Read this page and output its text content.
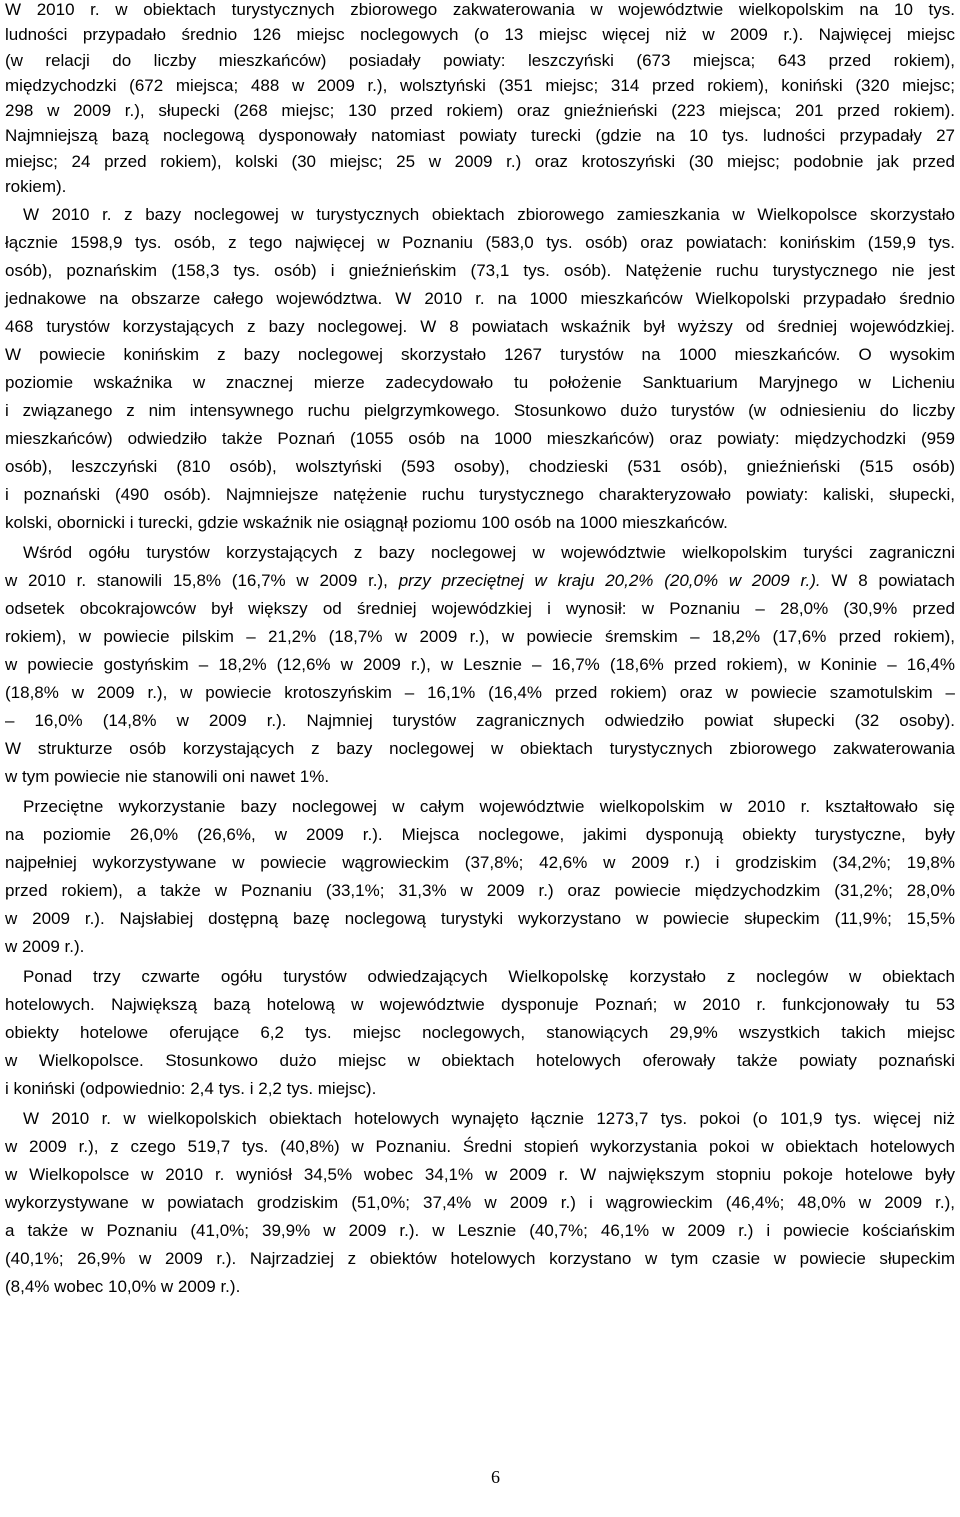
W 2010 r. w obiektach turystycznych zbiorowego zakwaterowania w województwie wielkopolskim na 10 tys.
ludności przypadało średnio 126 miejsc noclegowych (o 13 miejsc więcej niż w 2009 r.). Najwięcej miejsc
(w relacji do liczby mieszkańców) posiadały powiaty: leszczyński (673 miejsca; 643 przed rokiem),
międzychodzki (672 miejsca; 488 w 2009 r.), wolsztyński (351 miejsc; 314 przed rokiem), koniński (320 miejsc;
298 w 2009 r.), słupecki (268 miejsc; 130 przed rokiem) oraz gnieźnieński (223 miejsca; 201 przed rokiem).
Najmniejszą bazą noclegową dysponowały natomiast powiaty turecki (gdzie na 10 tys. ludności przypadały 27
miejsc; 24 przed rokiem), kolski (30 miejsc; 25 w 2009 r.) oraz krotoszyński (30 miejsc; podobnie jak przed
rokiem).
W 2010 r. z bazy noclegowej w turystycznych obiektach zbiorowego zamieszkania w Wielkopolsce skorzystało
łącznie 1598,9 tys. osób, z tego najwięcej w Poznaniu (583,0 tys. osób) oraz powiatach: konińskim (159,9 tys.
osób), poznańskim (158,3 tys. osób) i gnieźnieńskim (73,1 tys. osób). Natężenie ruchu turystycznego nie jest
jednakowe na obszarze całego województwa. W 2010 r. na 1000 mieszkańców Wielkopolski przypadało średnio
468 turystów korzystających z bazy noclegowej. W 8 powiatach wskaźnik był wyższy od średniej wojewódzkiej.
W powiecie konińskim z bazy noclegowej skorzystało 1267 turystów na 1000 mieszkańców. O wysokim
poziomie wskaźnika w znacznej mierze zadecydowało tu położenie Sanktuarium Maryjnego w Licheniu
i związanego z nim intensywnego ruchu pielgrzymkowego. Stosunkowo dużo turystów (w odniesieniu do liczby
mieszkańców) odwiedziło także Poznań (1055 osób na 1000 mieszkańców) oraz powiaty: międzychodzki (959
osób), leszczyński (810 osób), wolsztyński (593 osoby), chodzieski (531 osób), gnieźnieński (515 osób)
i poznański (490 osób). Najmniejsze natężenie ruchu turystycznego charakteryzowało powiaty: kaliski, słupecki,
kolski, obornicki i turecki, gdzie wskaźnik nie osiągnął poziomu 100 osób na 1000 mieszkańców.
Wśród ogółu turystów korzystających z bazy noclegowej w województwie wielkopolskim turyści zagraniczni
w 2010 r. stanowili 15,8% (16,7% w 2009 r.), przy przeciętnej w kraju 20,2% (20,0% w 2009 r.). W 8 powiatach
odsetek obcokrajowców był większy od średniej wojewódzkiej i wynosił: w Poznaniu – 28,0% (30,9% przed
rokiem), w powiecie pilskim – 21,2% (18,7% w 2009 r.), w powiecie śremskim – 18,2% (17,6% przed rokiem),
w powiecie gostyńskim – 18,2% (12,6% w 2009 r.), w Lesznie – 16,7% (18,6% przed rokiem), w Koninie – 16,4%
(18,8% w 2009 r.), w powiecie krotoszyńskim – 16,1% (16,4% przed rokiem) oraz w powiecie szamotulskim –
– 16,0% (14,8% w 2009 r.). Najmniej turystów zagranicznych odwiedziło powiat słupecki (32 osoby).
W strukturze osób korzystających z bazy noclegowej w obiektach turystycznych zbiorowego zakwaterowania
w tym powiecie nie stanowili oni nawet 1%.
Przeciętne wykorzystanie bazy noclegowej w całym województwie wielkopolskim w 2010 r. kształtowało się
na poziomie 26,0% (26,6%, w 2009 r.). Miejsca noclegowe, jakimi dysponują obiekty turystyczne, były
najpełniej wykorzystywane w powiecie wągrowieckim (37,8%; 42,6% w 2009 r.) i grodziskim (34,2%; 19,8%
przed rokiem), a także w Poznaniu (33,1%; 31,3% w 2009 r.) oraz powiecie międzychodzkim (31,2%; 28,0%
w 2009 r.). Najsłabiej dostępną bazę noclegową turystyki wykorzystano w powiecie słupeckim (11,9%; 15,5%
w 2009 r.).
Ponad trzy czwarte ogółu turystów odwiedzających Wielkopolskę korzystało z noclegów w obiektach
hotelowych. Największą bazą hotelową w województwie dysponuje Poznań; w 2010 r. funkcjonowały tu 53
obiekty hotelowe oferujące 6,2 tys. miejsc noclegowych, stanowiących 29,9% wszystkich takich miejsc
w Wielkopolsce. Stosunkowo dużo miejsc w obiektach hotelowych oferowały także powiaty poznański
i koniński (odpowiednio: 2,4 tys. i 2,2 tys. miejsc).
W 2010 r. w wielkopolskich obiektach hotelowych wynajęto łącznie 1273,7 tys. pokoi (o 101,9 tys. więcej niż
w 2009 r.), z czego 519,7 tys. (40,8%) w Poznaniu. Średni stopień wykorzystania pokoi w obiektach hotelowych
w Wielkopolsce w 2010 r. wyniósł 34,5% wobec 34,1% w 2009 r. W największym stopniu pokoje hotelowe były
wykorzystywane w powiatach grodziskim (51,0%; 37,4% w 2009 r.) i wągrowieckim (46,4%; 48,0% w 2009 r.),
a także w Poznaniu (41,0%; 39,9% w 2009 r.). w Lesznie (40,7%; 46,1% w 2009 r.) i powiecie kościańskim
(40,1%; 26,9% w 2009 r.). Najrzadziej z obiektów hotelowych korzystano w tym czasie w powiecie słupeckim
(8,4% wobec 10,0% w 2009 r.).
6
